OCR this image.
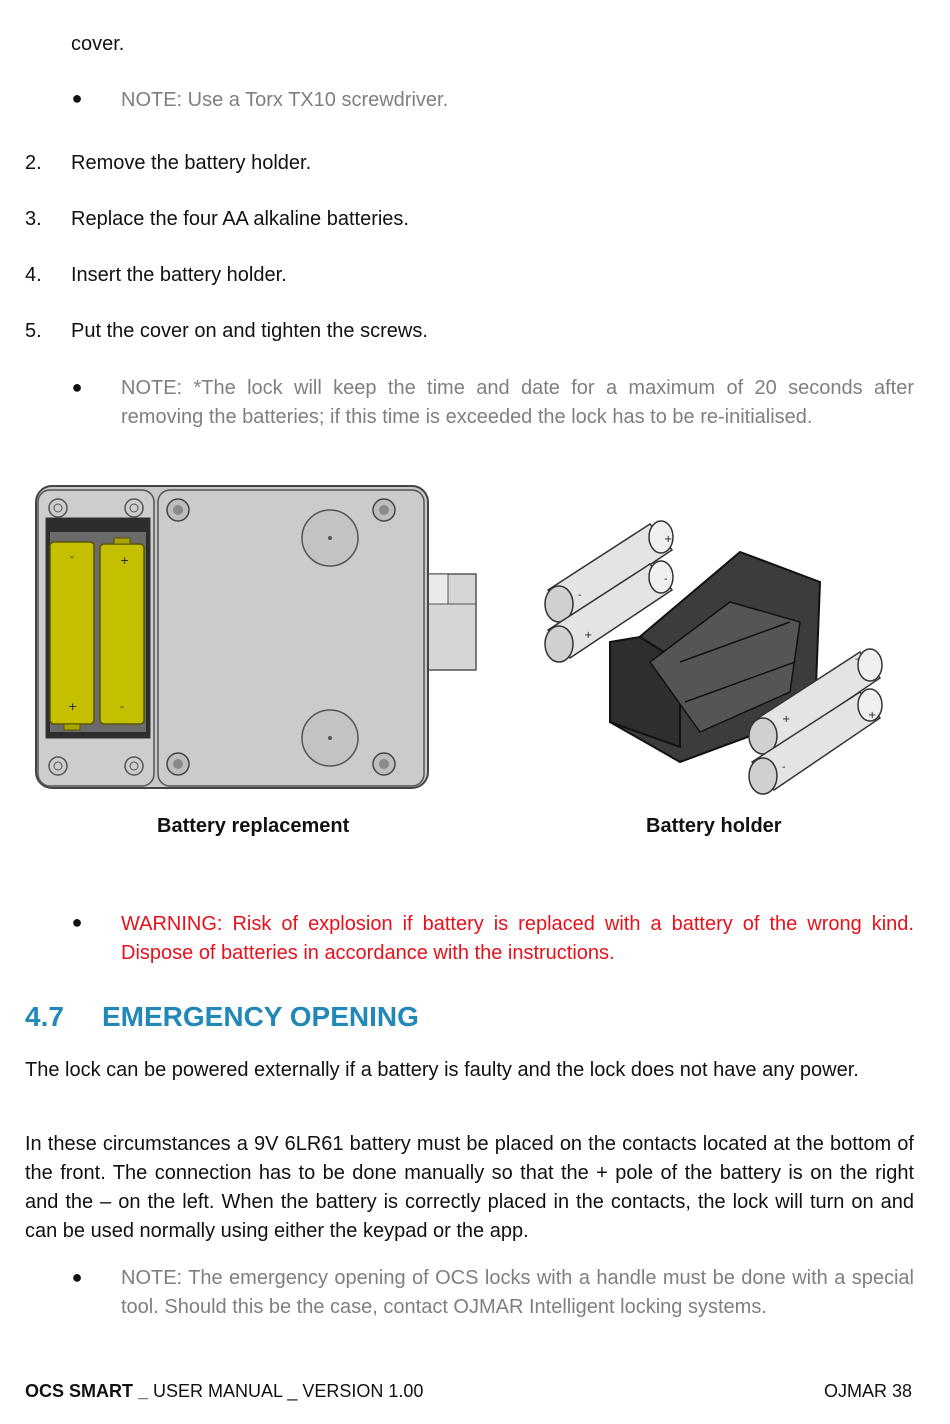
cover.
● NOTE: Use a Torx TX10 screwdriver.
2. Remove the battery holder.
3. Replace the four AA alkaline batteries.
4. Insert the battery holder.
5. Put the cover on and tighten the screws.
● NOTE: *The lock will keep the time and date for a maximum of 20 seconds after removing the batteries; if this time is exceeded the lock has to be re-initialised.
-	+
+	-
+
-
-
+
-
+
+
-
Battery replacement	Battery holder
● WARNING: Risk of explosion if battery is replaced with a battery of the wrong kind. Dispose of batteries in accordance with the instructions.
4.7 EMERGENCY OPENING
The lock can be powered externally if a battery is faulty and the lock does not have any power.
In these circumstances a 9V 6LR61 battery must be placed on the contacts located at the bottom of the front. The connection has to be done manually so that the + pole of the battery is on the right and the – on the left. When the battery is correctly placed in the contacts, the lock will turn on and can be used normally using either the keypad or the app.
● NOTE: The emergency opening of OCS locks with a handle must be done with a special tool. Should this be the case, contact OJMAR Intelligent locking systems.
OCS SMART _ USER MANUAL _ VERSION 1.00	OJMAR 38
